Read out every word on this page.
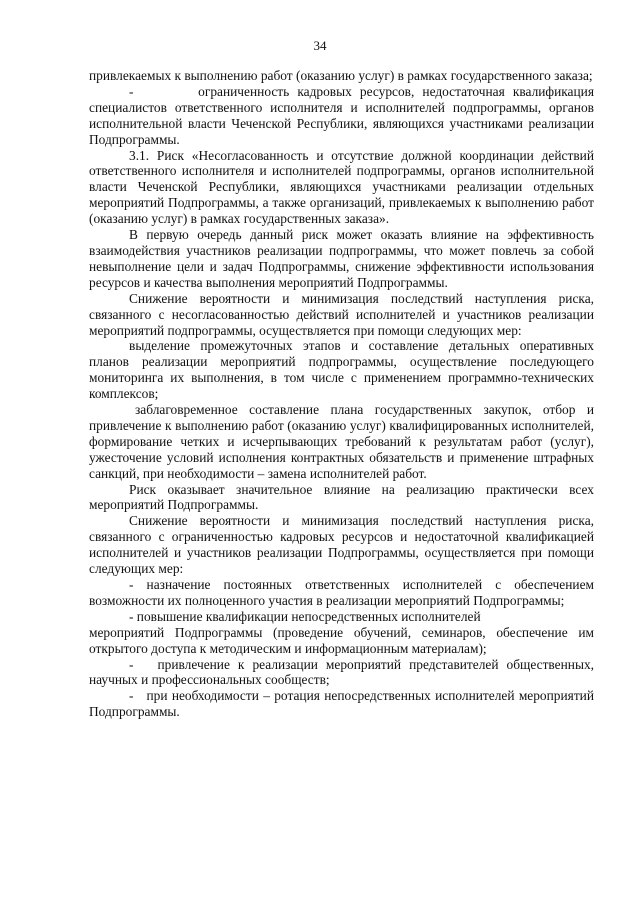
34

привлекаемых к выполнению работ (оказанию услуг) в рамках государственного заказа;

-        ограниченность кадровых ресурсов, недостаточная квалификация специалистов ответственного исполнителя и исполнителей подпрограммы, органов исполнительной власти Чеченской Республики, являющихся участниками реализации Подпрограммы.

3.1. Риск «Несогласованность и отсутствие должной координации действий ответственного исполнителя и исполнителей подпрограммы, органов исполнительной власти Чеченской Республики, являющихся участниками реализации отдельных мероприятий Подпрограммы, а также организаций, привлекаемых к выполнению работ (оказанию услуг) в рамках государственных заказа».

В первую очередь данный риск может оказать влияние на эффективность взаимодействия участников реализации подпрограммы, что может повлечь за собой невыполнение цели и задач Подпрограммы, снижение эффективности использования ресурсов и качества выполнения мероприятий Подпрограммы.

Снижение вероятности и минимизация последствий наступления риска, связанного с несогласованностью действий исполнителей и участников реализации мероприятий подпрограммы, осуществляется при помощи следующих мер:

выделение промежуточных этапов и составление детальных оперативных планов реализации мероприятий подпрограммы, осуществление последующего мониторинга их выполнения, в том числе с применением программно-технических комплексов;

заблаговременное составление плана государственных закупок, отбор и привлечение к выполнению работ (оказанию услуг) квалифицированных исполнителей, формирование четких и исчерпывающих требований к результатам работ (услуг), ужесточение условий исполнения контрактных обязательств и применение штрафных санкций, при необходимости – замена исполнителей работ.

Риск оказывает значительное влияние на реализацию практически всех мероприятий Подпрограммы.

Снижение вероятности и минимизация последствий наступления риска, связанного с ограниченностью кадровых ресурсов и недостаточной квалификацией исполнителей и участников реализации Подпрограммы, осуществляется при помощи следующих мер:

- назначение постоянных ответственных исполнителей с обеспечением возможности их полноценного участия в реализации мероприятий Подпрограммы;

- повышение квалификации непосредственных исполнителей

мероприятий Подпрограммы (проведение обучений, семинаров, обеспечение им открытого доступа к методическим и информационным материалам);

-   привлечение к реализации мероприятий представителей общественных, научных и профессиональных сообществ;

-   при необходимости – ротация непосредственных исполнителей мероприятий Подпрограммы.
